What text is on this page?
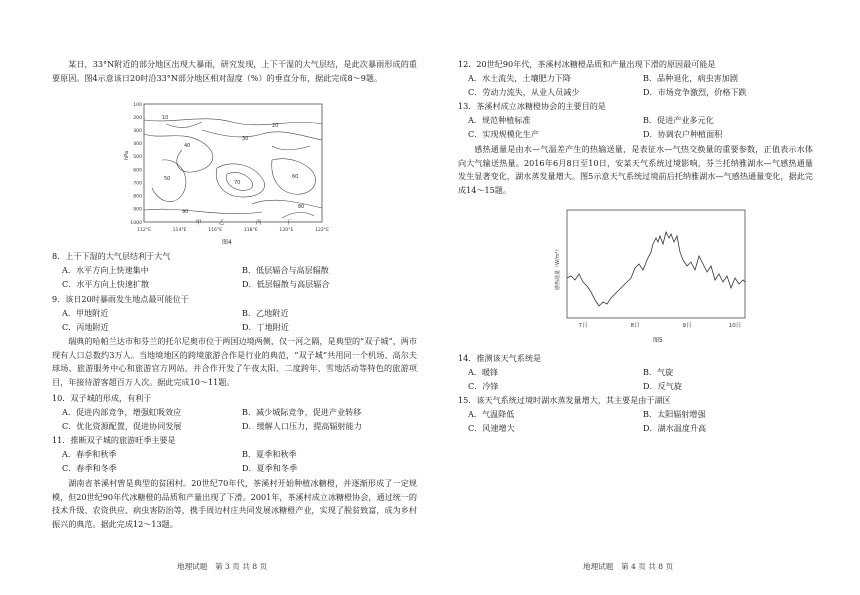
某日，33°N附近的部分地区出现大暴雨，研究发现，上下干湿的大气层结，是此次暴雨形成的重要原因。图4示意该日20时沿33°N部分地区相对湿度（%）的垂直分布，据此完成8～9题。
100
200
300
400
500
600
700
800
900
1000
112°E	114°E	116°E	118°E	120°E	122°E
10
20
40
30
50
70
60
80
90
甲	乙	丙	丁
hPa
图4
8．上干下湿的大气层结利于大气
A．水平方向上快速集中	B．低层辐合与高层辐散
C．水平方向上快速扩散	D．低层辐散与高层辐合
9．该日20时暴雨发生地点最可能位于
A．甲地附近	B．乙地附近
C．丙地附近	D．丁地附近
瑞典的哈帕兰达市和芬兰的托尔尼奥市位于两国边境两侧，仅一河之隔，是典型的“双子城”，两市现有人口总数约3万人。当地境地区的跨境旅游合作是行业的典范，“双子城”共用同一个机场、高尔夫球场、旅游服务中心和旅游官方网站，并合作开发了午夜太阳、二度跨年、雪地活动等特色的旅游项目，年接待游客超百万人次。据此完成10～11题。
10．双子城的形成，有利于
A．促进内部竞争，增强虹吸效应	B．减少城际竞争，促进产业转移
C．优化资源配置，促进协同发展	D．缓解人口压力，提高辐射能力
11．推断双子城的旅游旺季主要是
A．春季和秋季	B．夏季和秋季
C．春季和冬季	D．夏季和冬季
湖南省茶溪村曾是典型的贫困村。20世纪70年代，茶溪村开始种植冰糖橙，并逐渐形成了一定规模，但20世纪90年代冰糖橙的品质和产量出现了下滑。2001年，茶溪村成立冰糖橙协会，通过统一的技术升级、农资供应、病虫害防治等，携手周边村庄共同发展冰糖橙产业，实现了脱贫致富，成为乡村振兴的典范。据此完成12～13题。
地理试题　第 3 页 共 8 页
12．20世纪90年代，茶溪村冰糖橙品质和产量出现下滑的原因最可能是
A．水土流失，土壤肥力下降	B．品种退化，病虫害加剧
C．劳动力流失，从业人员减少	D．市场竞争激烈，价格下跌
13．茶溪村成立冰糖橙协会的主要目的是
A．规范种植标准	B．促进产业多元化
C．实现规模化生产	D．协调农户种植面积
感热通量是由水—气温差产生的热输送量，是表征水—气热交换量的重要参数，正值表示水体向大气输送热量。2016年6月8日至10日，安某天气系统过境影响，芬兰托纳雅湖水—气感热通量发生显著变化，湖水蒸发量增大。图5示意天气系统过境前后托纳雅湖水—气感热通量变化，据此完成14～15题。
7日	8日	9日	10日
感热通量（W/m²）
图5
14．推测该天气系统是
A．暖锋	B．气旋
C．冷锋	D．反气旋
15．该天气系统过境时湖水蒸发量增大，其主要是由于湖区
A．气温降低	B．太阳辐射增强
C．风速增大	D．湖水温度升高
地理试题　第 4 页 共 8 页
